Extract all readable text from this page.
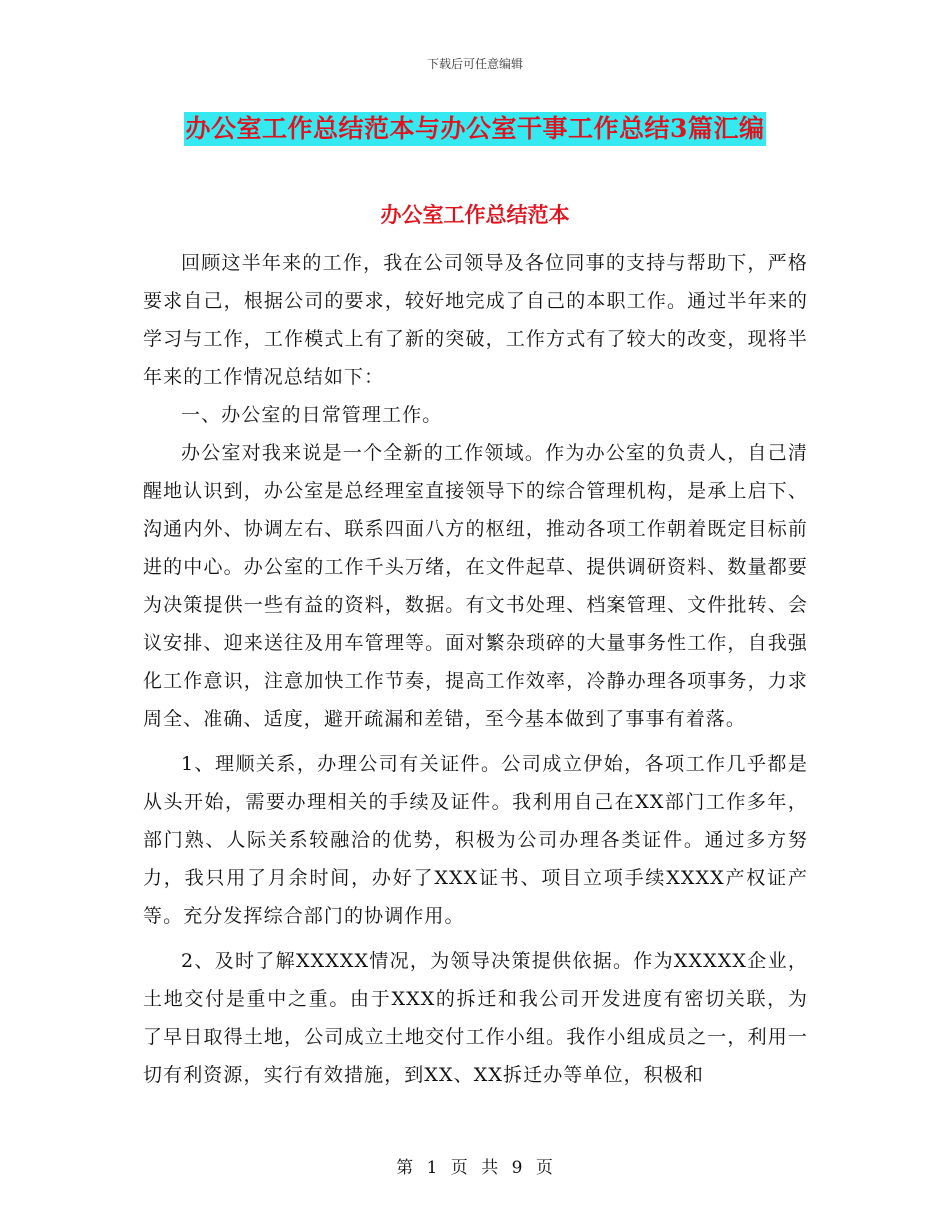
下载后可任意编辑
办公室工作总结范本与办公室干事工作总结3篇汇编
办公室工作总结范本

回顾这半年来的工作，我在公司领导及各位同事的支持与帮助下，严格要求自己，根据公司的要求，较好地完成了自己的本职工作。通过半年来的学习与工作，工作模式上有了新的突破，工作方式有了较大的改变，现将半年来的工作情况总结如下：

一、办公室的日常管理工作。

办公室对我来说是一个全新的工作领域。作为办公室的负责人，自己清醒地认识到，办公室是总经理室直接领导下的综合管理机构，是承上启下、沟通内外、协调左右、联系四面八方的枢纽，推动各项工作朝着既定目标前进的中心。办公室的工作千头万绪，在文件起草、提供调研资料、数量都要为决策提供一些有益的资料，数据。有文书处理、档案管理、文件批转、会议安排、迎来送往及用车管理等。面对繁杂琐碎的大量事务性工作，自我强化工作意识，注意加快工作节奏，提高工作效率，冷静办理各项事务，力求周全、准确、适度，避开疏漏和差错，至今基本做到了事事有着落。

1、理顺关系，办理公司有关证件。公司成立伊始，各项工作几乎都是从头开始，需要办理相关的手续及证件。我利用自己在XX部门工作多年，部门熟、人际关系较融洽的优势，积极为公司办理各类证件。通过多方努力，我只用了月余时间，办好了XXX证书、项目立项手续XXXX产权证产等。充分发挥综合部门的协调作用。

2、及时了解XXXXX情况，为领导决策提供依据。作为XXXXX企业，土地交付是重中之重。由于XXX的拆迁和我公司开发进度有密切关联，为了早日取得土地，公司成立土地交付工作小组。我作小组成员之一，利用一切有利资源，实行有效措施，到XX、XX拆迁办等单位，积极和

第 1 页 共 9 页
